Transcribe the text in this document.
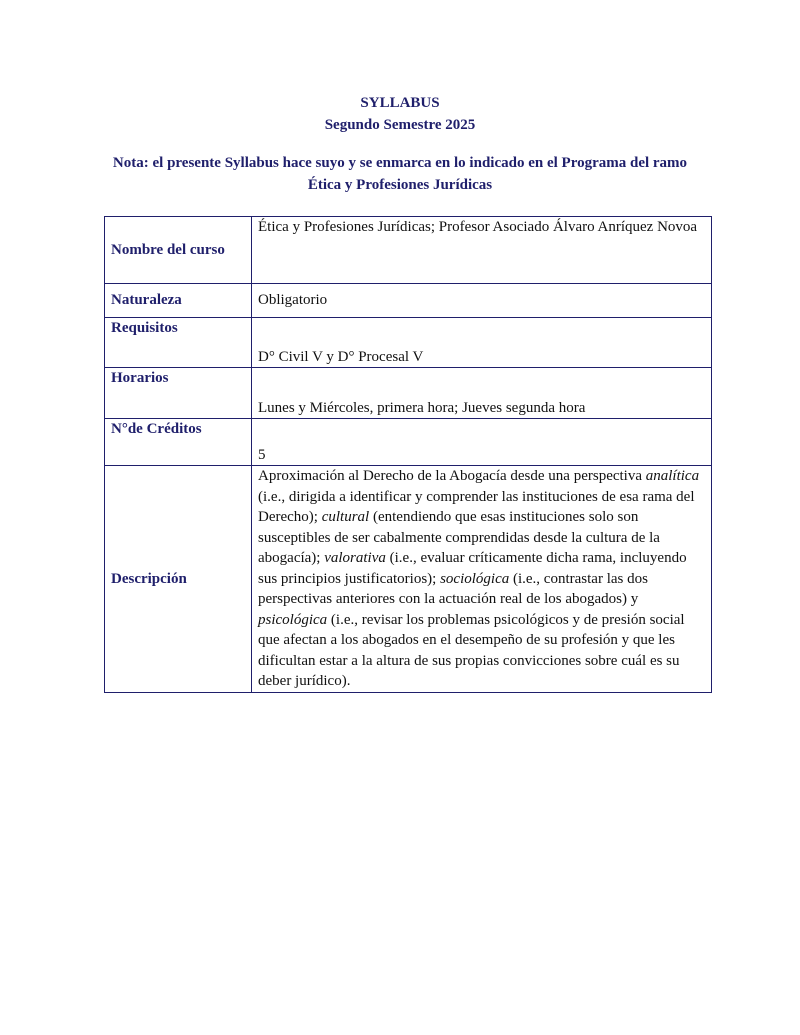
SYLLABUS
Segundo Semestre 2025
Nota: el presente Syllabus hace suyo y se enmarca en lo indicado en el Programa del ramo
Ética y Profesiones Jurídicas
Nombre del curso	Ética y Profesiones Jurídicas; Profesor Asociado Álvaro Anríquez Novoa
Naturaleza	Obligatorio
Requisitos	D° Civil V y D° Procesal V
Horarios	Lunes y Miércoles, primera hora; Jueves segunda hora
N°de Créditos	5
Descripción	Aproximación al Derecho de la Abogacía desde una perspectiva analítica (i.e., dirigida a identificar y comprender las instituciones de esa rama del Derecho); cultural (entendiendo que esas instituciones solo son susceptibles de ser cabalmente comprendidas desde la cultura de la abogacía); valorativa (i.e., evaluar críticamente dicha rama, incluyendo sus principios justificatorios); sociológica (i.e., contrastar las dos perspectivas anteriores con la actuación real de los abogados) y psicológica (i.e., revisar los problemas psicológicos y de presión social que afectan a los abogados en el desempeño de su profesión y que les dificultan estar a la altura de sus propias convicciones sobre cuál es su deber jurídico).
